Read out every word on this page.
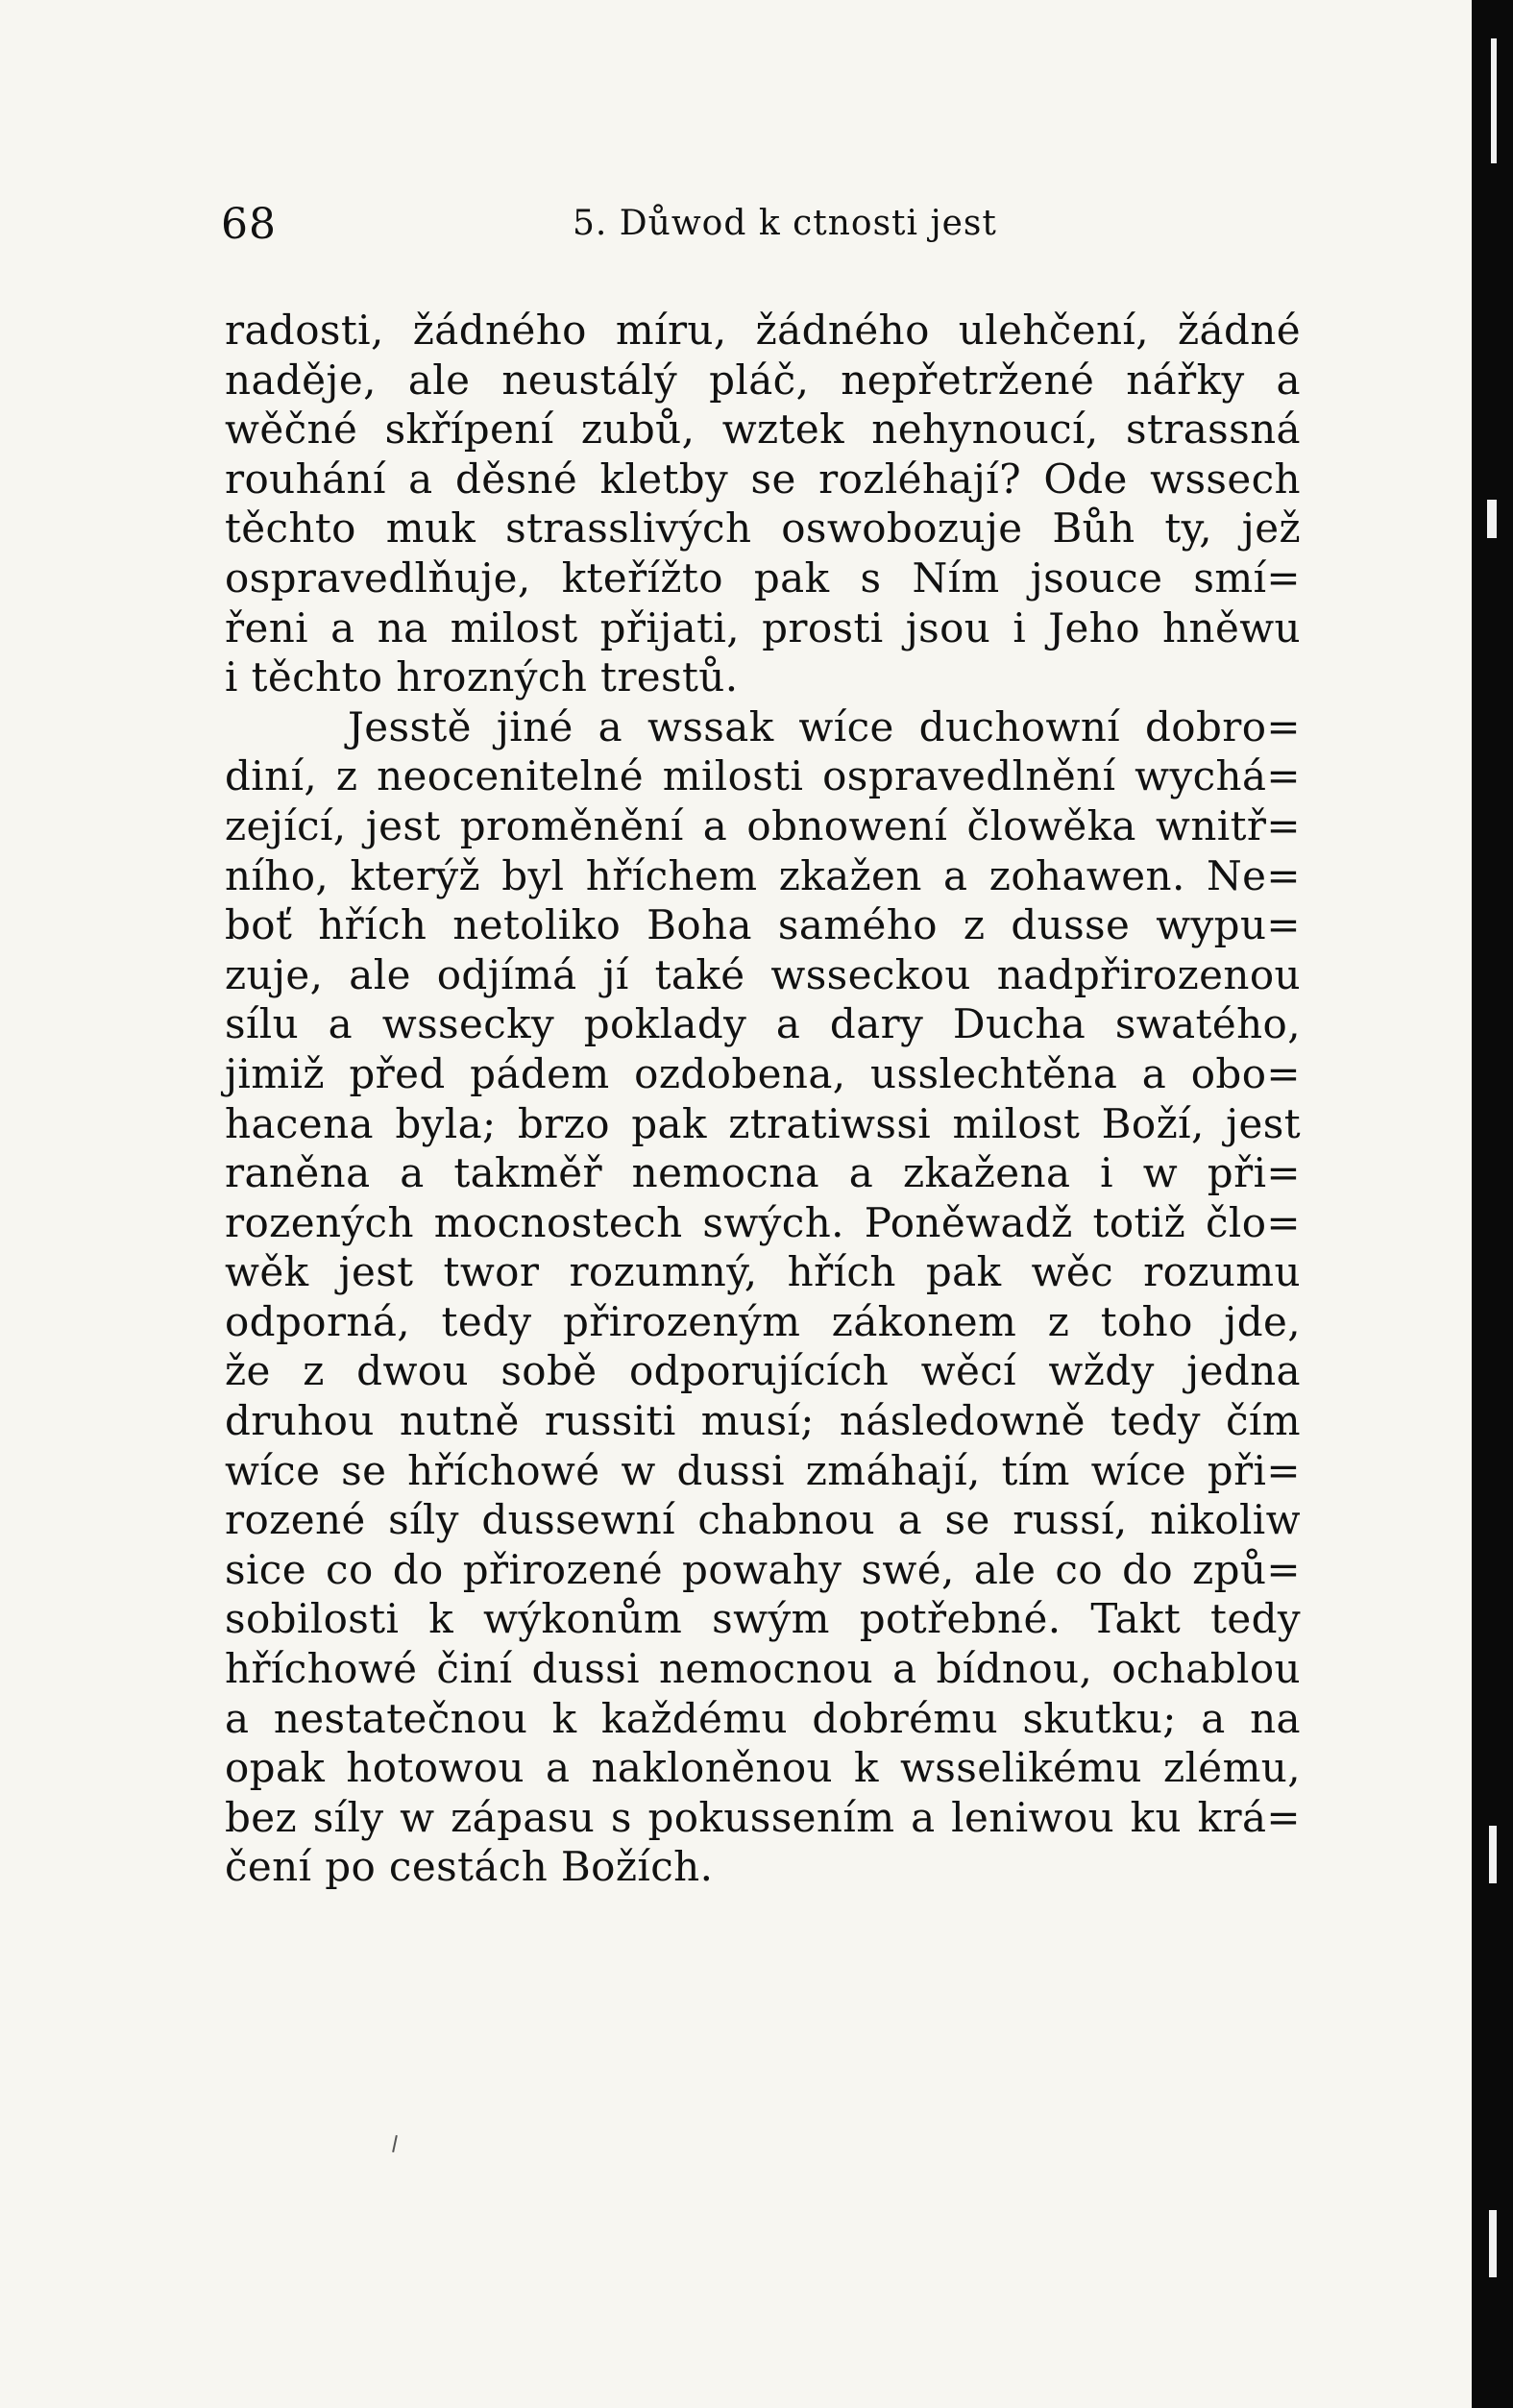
68	5. Důwod k ctnosti jest
radosti, žádného míru, žádného ulehčení, žádné
naděje, ale neustálý pláč, nepřetržené nářky a
wěčné skřípení zubů, wztek nehynoucí, strassná
rouhání a děsné kletby se rozléhají? Ode wssech
těchto muk strasslivých oswobozuje Bůh ty, jež
ospravedlňuje, kteřížto pak s Ním jsouce smí=
řeni a na milost přijati, prosti jsou i Jeho hněwu
i těchto hrozných trestů.
Jesstě jiné a wssak wíce duchowní dobro=
diní, z neocenitelné milosti ospravedlnění wychá=
zející, jest proměnění a obnowení člowěka wnitř=
ního, kterýž byl hříchem zkažen a zohawen. Ne=
boť hřích netoliko Boha samého z dusse wypu=
zuje, ale odjímá jí také wsseckou nadpřirozenou
sílu a wssecky poklady a dary Ducha swatého,
jimiž před pádem ozdobena, usslechtěna a obo=
hacena byla; brzo pak ztratiwssi milost Boží, jest
raněna a takměř nemocna a zkažena i w při=
rozených mocnostech swých. Poněwadž totiž člo=
wěk jest twor rozumný, hřích pak wěc rozumu
odporná, tedy přirozeným zákonem z toho jde,
že z dwou sobě odporujících wěcí wždy jedna
druhou nutně russiti musí; následowně tedy čím
wíce se hříchowé w dussi zmáhají, tím wíce při=
rozené síly dussewní chabnou a se russí, nikoliw
sice co do přirozené powahy swé, ale co do způ=
sobilosti k wýkonům swým potřebné. Takt tedy
hříchowé činí dussi nemocnou a bídnou, ochablou
a nestatečnou k každému dobrému skutku; a na
opak hotowou a nakloněnou k wsselikému zlému,
bez síly w zápasu s pokussením a leniwou ku krá=
čení po cestách Božích.
